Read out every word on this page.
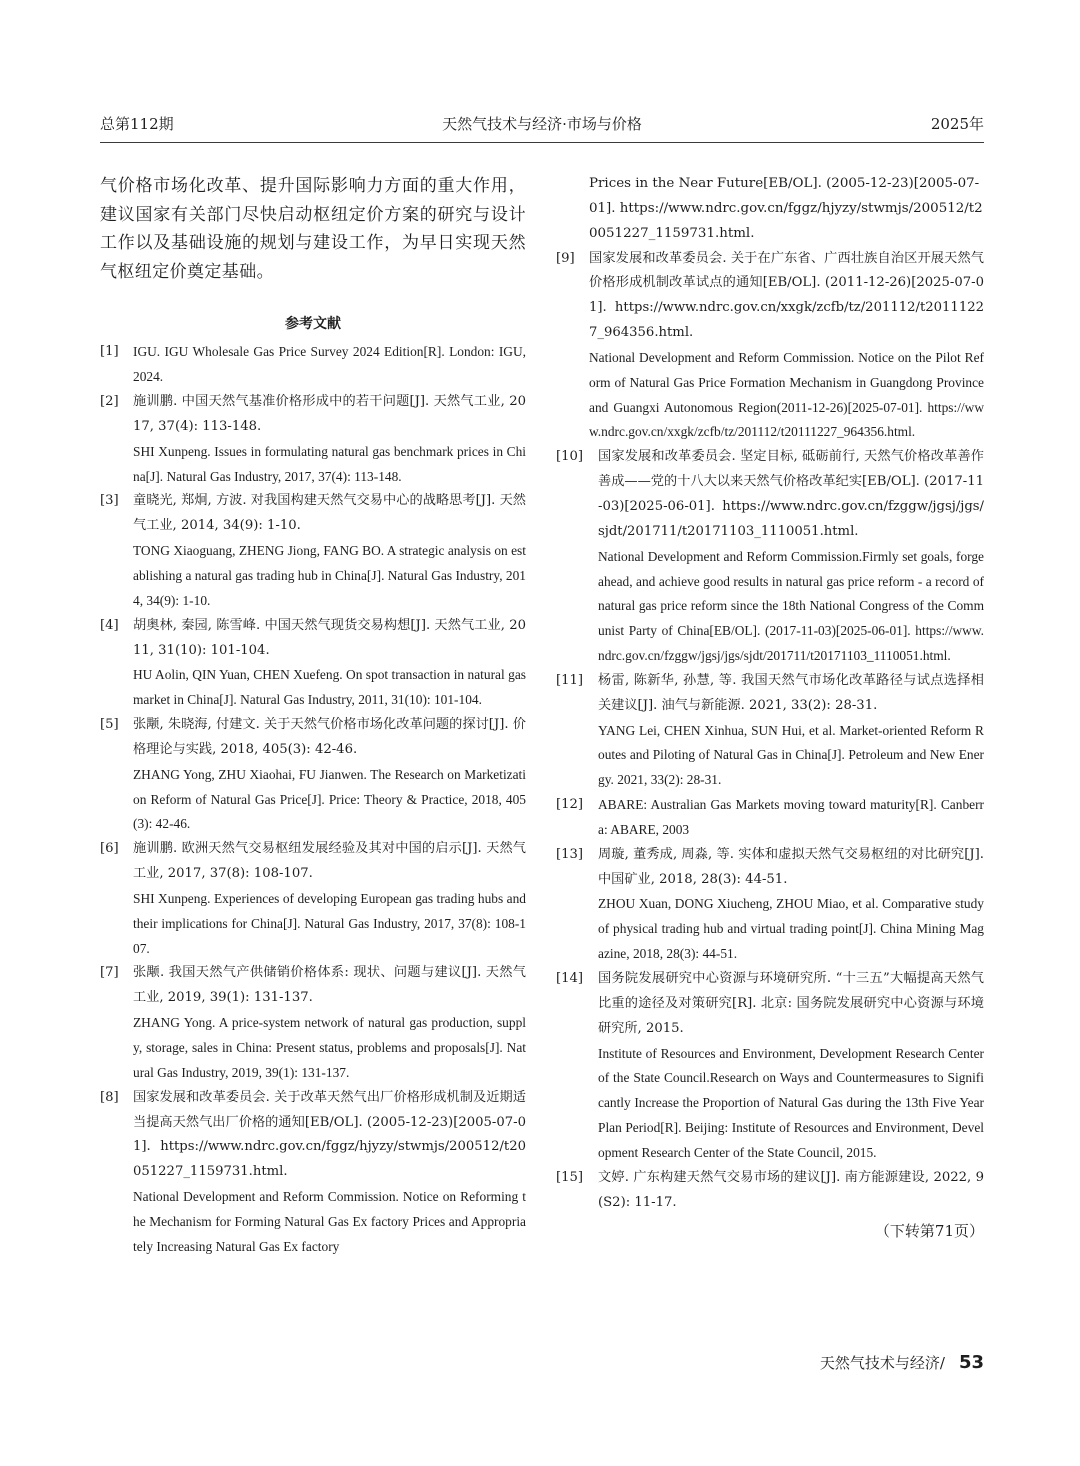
总第112期	天然气技术与经济·市场与价格	2025年

气价格市场化改革、提升国际影响力方面的重大作用，建议国家有关部门尽快启动枢纽定价方案的研究与设计工作以及基础设施的规划与建设工作，为早日实现天然气枢纽定价奠定基础。

参考文献
[1] IGU. IGU Wholesale Gas Price Survey 2024 Edition[R]. London: IGU, 2024.
[2] 施训鹏. 中国天然气基准价格形成中的若干问题[J]. 天然气工业, 2017, 37(4): 113-148.
SHI Xunpeng. Issues in formulating natural gas benchmark prices in China[J]. Natural Gas Industry, 2017, 37(4): 113-148.
[3] 童晓光, 郑炯, 方波. 对我国构建天然气交易中心的战略思考[J]. 天然气工业, 2014, 34(9): 1-10.
TONG Xiaoguang, ZHENG Jiong, FANG BO. A strategic analysis on establishing a natural gas trading hub in China[J]. Natural Gas Industry, 2014, 34(9): 1-10.
[4] 胡奥林, 秦园, 陈雪峰. 中国天然气现货交易构想[J]. 天然气工业, 2011, 31(10): 101-104.
HU Aolin, QIN Yuan, CHEN Xuefeng. On spot transaction in natural gas market in China[J]. Natural Gas Industry, 2011, 31(10): 101-104.
[5] 张颙, 朱晓海, 付建文. 关于天然气价格市场化改革问题的探讨[J]. 价格理论与实践, 2018, 405(3): 42-46.
ZHANG Yong, ZHU Xiaohai, FU Jianwen. The Research on Marketization Reform of Natural Gas Price[J]. Price: Theory & Practice, 2018, 405(3): 42-46.
[6] 施训鹏. 欧洲天然气交易枢纽发展经验及其对中国的启示[J]. 天然气工业, 2017, 37(8): 108-107.
SHI Xunpeng. Experiences of developing European gas trading hubs and their implications for China[J]. Natural Gas Industry, 2017, 37(8): 108-107.
[7] 张颙. 我国天然气产供储销价格体系: 现状、问题与建议[J]. 天然气工业, 2019, 39(1): 131-137.
ZHANG Yong. A price-system network of natural gas production, supply, storage, sales in China: Present status, problems and proposals[J]. Natural Gas Industry, 2019, 39(1): 131-137.
[8] 国家发展和改革委员会. 关于改革天然气出厂价格形成机制及近期适当提高天然气出厂价格的通知[EB/OL]. (2005-12-23)[2005-07-01]. https://www.ndrc.gov.cn/fggz/hjyzy/stwmjs/200512/t20051227_1159731.html.
National Development and Reform Commission. Notice on Reforming the Mechanism for Forming Natural Gas Ex factory Prices and Appropriately Increasing Natural Gas Ex factory
Prices in the Near Future[EB/OL]. (2005-12-23)[2005-07-01]. https://www.ndrc.gov.cn/fggz/hjyzy/stwmjs/200512/t20051227_1159731.html.
[9] 国家发展和改革委员会. 关于在广东省、广西壮族自治区开展天然气价格形成机制改革试点的通知[EB/OL]. (2011-12-26)[2025-07-01]. https://www.ndrc.gov.cn/xxgk/zcfb/tz/201112/t20111227_964356.html.
National Development and Reform Commission. Notice on the Pilot Reform of Natural Gas Price Formation Mechanism in Guangdong Province and Guangxi Autonomous Region(2011-12-26)[2025-07-01]. https://www.ndrc.gov.cn/xxgk/zcfb/tz/201112/t20111227_964356.html.
[10] 国家发展和改革委员会. 坚定目标, 砥砺前行, 天然气价格改革善作善成——党的十八大以来天然气价格改革纪实[EB/OL]. (2017-11-03)[2025-06-01]. https://www.ndrc.gov.cn/fzggw/jgsj/jgs/sjdt/201711/t20171103_1110051.html.
National Development and Reform Commission.Firmly set goals, forge ahead, and achieve good results in natural gas price reform - a record of natural gas price reform since the 18th National Congress of the Communist Party of China[EB/OL]. (2017-11-03)[2025-06-01]. https://www.ndrc.gov.cn/fzggw/jgsj/jgs/sjdt/201711/t20171103_1110051.html.
[11] 杨雷, 陈新华, 孙慧, 等. 我国天然气市场化改革路径与试点选择相关建议[J]. 油气与新能源. 2021, 33(2): 28-31.
YANG Lei, CHEN Xinhua, SUN Hui, et al. Market-oriented Reform Routes and Piloting of Natural Gas in China[J]. Petroleum and New Energy. 2021, 33(2): 28-31.
[12] ABARE: Australian Gas Markets moving toward maturity[R]. Canberra: ABARE, 2003
[13] 周璇, 董秀成, 周淼, 等. 实体和虚拟天然气交易枢纽的对比研究[J]. 中国矿业, 2018, 28(3): 44-51.
ZHOU Xuan, DONG Xiucheng, ZHOU Miao, et al. Comparative study of physical trading hub and virtual trading point[J]. China Mining Magazine, 2018, 28(3): 44-51.
[14] 国务院发展研究中心资源与环境研究所. “十三五”大幅提高天然气比重的途径及对策研究[R]. 北京: 国务院发展研究中心资源与环境研究所, 2015.
Institute of Resources and Environment, Development Research Center of the State Council.Research on Ways and Countermeasures to Significantly Increase the Proportion of Natural Gas during the 13th Five Year Plan Period[R]. Beijing: Institute of Resources and Environment, Development Research Center of the State Council, 2015.
[15] 文婷. 广东构建天然气交易市场的建议[J]. 南方能源建设, 2022, 9(S2): 11-17.
（下转第71页）
天然气技术与经济/ 53
